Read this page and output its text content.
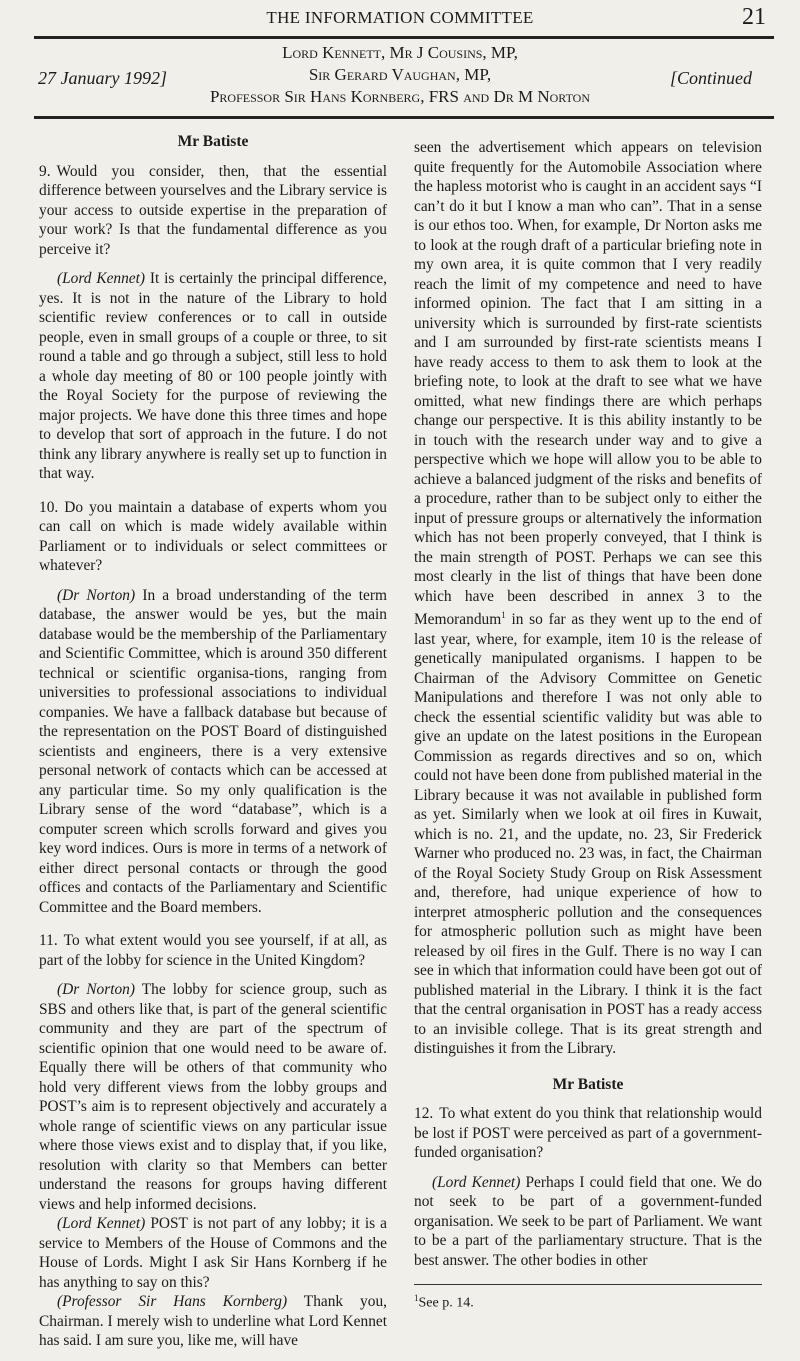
THE INFORMATION COMMITTEE	21
27 January 1992]
Lord Kennett, Mr J Cousins, MP,
Sir Gerard Vaughan, MP,
Professor Sir Hans Kornberg, FRS and Dr M Norton
[Continued
Mr Batiste

9. Would you consider, then, that the essential difference between yourselves and the Library service is your access to outside expertise in the preparation of your work? Is that the fundamental difference as you perceive it?

(Lord Kennet) It is certainly the principal difference, yes. It is not in the nature of the Library to hold scientific review conferences or to call in outside people, even in small groups of a couple or three, to sit round a table and go through a subject, still less to hold a whole day meeting of 80 or 100 people jointly with the Royal Society for the purpose of reviewing the major projects. We have done this three times and hope to develop that sort of approach in the future. I do not think any library anywhere is really set up to function in that way.

10. Do you maintain a database of experts whom you can call on which is made widely available within Parliament or to individuals or select committees or whatever?

(Dr Norton) In a broad understanding of the term database, the answer would be yes, but the main database would be the membership of the Parliamentary and Scientific Committee, which is around 350 different technical or scientific organisa-tions, ranging from universities to professional associations to individual companies. We have a fallback database but because of the representation on the POST Board of distinguished scientists and engineers, there is a very extensive personal network of contacts which can be accessed at any particular time. So my only qualification is the Library sense of the word “database”, which is a computer screen which scrolls forward and gives you key word indices. Ours is more in terms of a network of either direct personal contacts or through the good offices and contacts of the Parliamentary and Scientific Committee and the Board members.

11. To what extent would you see yourself, if at all, as part of the lobby for science in the United Kingdom?

(Dr Norton) The lobby for science group, such as SBS and others like that, is part of the general scientific community and they are part of the spectrum of scientific opinion that one would need to be aware of. Equally there will be others of that community who hold very different views from the lobby groups and POST’s aim is to represent objectively and accurately a whole range of scientific views on any particular issue where those views exist and to display that, if you like, resolution with clarity so that Members can better understand the reasons for groups having different views and help informed decisions.

(Lord Kennet) POST is not part of any lobby; it is a service to Members of the House of Commons and the House of Lords. Might I ask Sir Hans Kornberg if he has anything to say on this?

(Professor Sir Hans Kornberg) Thank you, Chairman. I merely wish to underline what Lord Kennet has said. I am sure you, like me, will have

seen the advertisement which appears on television quite frequently for the Automobile Association where the hapless motorist who is caught in an accident says “I can’t do it but I know a man who can”. That in a sense is our ethos too. When, for example, Dr Norton asks me to look at the rough draft of a particular briefing note in my own area, it is quite common that I very readily reach the limit of my competence and need to have informed opinion. The fact that I am sitting in a university which is surrounded by first-rate scientists and I am surrounded by first-rate scientists means I have ready access to them to ask them to look at the briefing note, to look at the draft to see what we have omitted, what new findings there are which perhaps change our perspective. It is this ability instantly to be in touch with the research under way and to give a perspective which we hope will allow you to be able to achieve a balanced judgment of the risks and benefits of a procedure, rather than to be subject only to either the input of pressure groups or alternatively the information which has not been properly conveyed, that I think is the main strength of POST. Perhaps we can see this most clearly in the list of things that have been done which have been described in annex 3 to the Memorandum$^1$ in so far as they went up to the end of last year, where, for example, item 10 is the release of genetically manipulated organisms. I happen to be Chairman of the Advisory Committee on Genetic Manipulations and therefore I was not only able to check the essential scientific validity but was able to give an update on the latest positions in the European Commission as regards directives and so on, which could not have been done from published material in the Library because it was not available in published form as yet. Similarly when we look at oil fires in Kuwait, which is no. 21, and the update, no. 23, Sir Frederick Warner who produced no. 23 was, in fact, the Chairman of the Royal Society Study Group on Risk Assessment and, therefore, had unique experience of how to interpret atmospheric pollution and the consequences for atmospheric pollution such as might have been released by oil fires in the Gulf. There is no way I can see in which that information could have been got out of published material in the Library. I think it is the fact that the central organisation in POST has a ready access to an invisible college. That is its great strength and distinguishes it from the Library.

Mr Batiste

12. To what extent do you think that relationship would be lost if POST were perceived as part of a government-funded organisation?

(Lord Kennet) Perhaps I could field that one. We do not seek to be part of a government-funded organisation. We seek to be part of Parliament. We want to be a part of the parliamentary structure. That is the best answer. The other bodies in other

$^1$See p. 14.
